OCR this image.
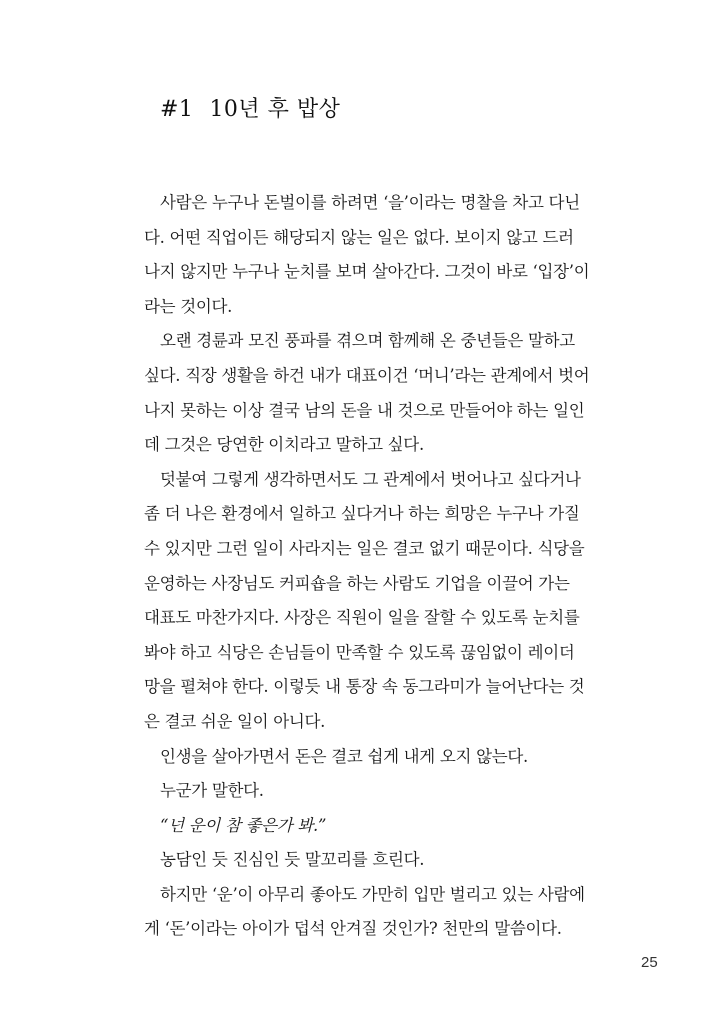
#1 10년 후 밥상
사람은 누구나 돈벌이를 하려면 ‘을’이라는 명찰을 차고 다닌
다. 어떤 직업이든 해당되지 않는 일은 없다. 보이지 않고 드러
나지 않지만 누구나 눈치를 보며 살아간다. 그것이 바로 ‘입장’이
라는 것이다.
오랜 경륜과 모진 풍파를 겪으며 함께해 온 중년들은 말하고
싶다. 직장 생활을 하건 내가 대표이건 ‘머니’라는 관계에서 벗어
나지 못하는 이상 결국 남의 돈을 내 것으로 만들어야 하는 일인
데 그것은 당연한 이치라고 말하고 싶다.
덧붙여 그렇게 생각하면서도 그 관계에서 벗어나고 싶다거나
좀 더 나은 환경에서 일하고 싶다거나 하는 희망은 누구나 가질
수 있지만 그런 일이 사라지는 일은 결코 없기 때문이다. 식당을
운영하는 사장님도 커피숍을 하는 사람도 기업을 이끌어 가는
대표도 마찬가지다. 사장은 직원이 일을 잘할 수 있도록 눈치를
봐야 하고 식당은 손님들이 만족할 수 있도록 끊임없이 레이더
망을 펼쳐야 한다. 이렇듯 내 통장 속 동그라미가 늘어난다는 것
은 결코 쉬운 일이 아니다.
인생을 살아가면서 돈은 결코 쉽게 내게 오지 않는다.
누군가 말한다.
“넌 운이 참 좋은가 봐.”
농담인 듯 진심인 듯 말꼬리를 흐린다.
하지만 ‘운’이 아무리 좋아도 가만히 입만 벌리고 있는 사람에
게 ‘돈’이라는 아이가 덥석 안겨질 것인가? 천만의 말씀이다.
25
